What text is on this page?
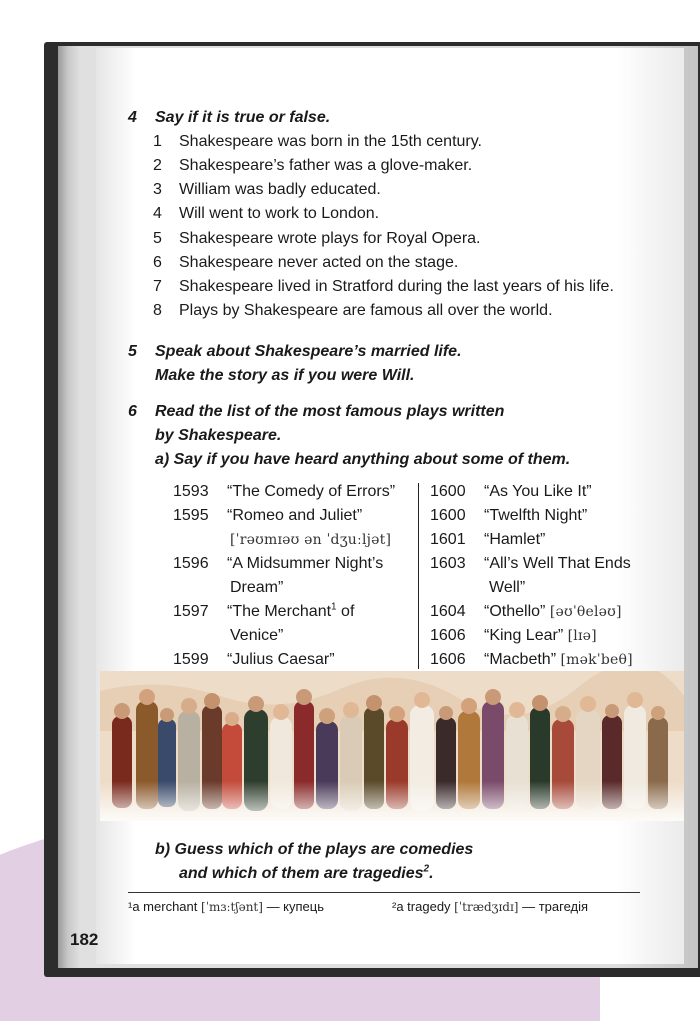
4	Say if it is true or false.
1 Shakespeare was born in the 15th century.
2 Shakespeare’s father was a glove-maker.
3 William was badly educated.
4 Will went to work to London.
5 Shakespeare wrote plays for Royal Opera.
6 Shakespeare never acted on the stage.
7 Shakespeare lived in Stratford during the last years of his life.
8 Plays by Shakespeare are famous all over the world.
5	Speak about Shakespeare’s married life.
Make the story as if you were Will.
6	Read the list of the most famous plays written
by Shakespeare.
a) Say if you have heard anything about some of them.
1593 “The Comedy of Errors”
1595 “Romeo and Juliet”
[ˈrəʊmɪəʊ ən ˈdʒuːljət]
1596 “A Midsummer Night’s
Dream”
1597 “The Merchant$^1$ of
Venice”
1599 “Julius Caesar”
1600 “As You Like It”
1600 “Twelfth Night”
1601 “Hamlet”
1603 “All’s Well That Ends
Well”
1604 “Othello” [əʊˈθeləʊ]
1606 “King Lear” [lɪə]
1606 “Macbeth” [məkˈbeθ]
b) Guess which of the plays are comedies
and which of them are tragedies$^2$.
¹a merchant [ˈmɜːtʃənt] — купець	²a tragedy [ˈtrædʒɪdɪ] — трагедія
182
